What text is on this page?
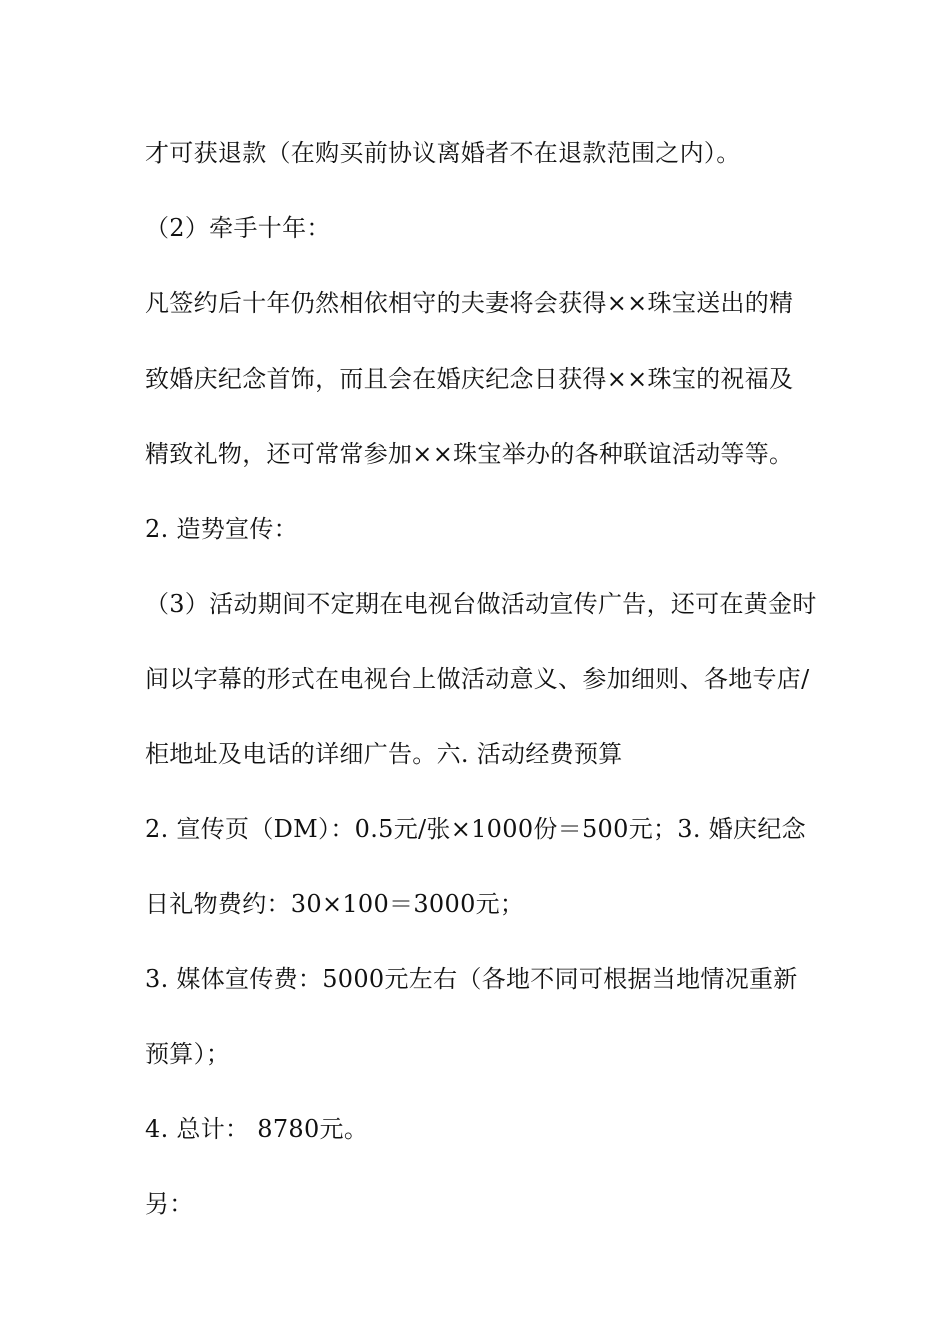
才可获退款（在购买前协议离婚者不在退款范围之内）。
（2）牵手十年：
凡签约后十年仍然相依相守的夫妻将会获得××珠宝送出的精
致婚庆纪念首饰，而且会在婚庆纪念日获得××珠宝的祝福及
精致礼物，还可常常参加××珠宝举办的各种联谊活动等等。
2. 造势宣传：
（3）活动期间不定期在电视台做活动宣传广告，还可在黄金时
间以字幕的形式在电视台上做活动意义、参加细则、各地专店/
柜地址及电话的详细广告。六. 活动经费预算
2. 宣传页（DM）：0.5元/张×1000份＝500元；3. 婚庆纪念
日礼物费约：30×100＝3000元；
3. 媒体宣传费：5000元左右（各地不同可根据当地情况重新
预算）；
4. 总计： 8780元。
另：
